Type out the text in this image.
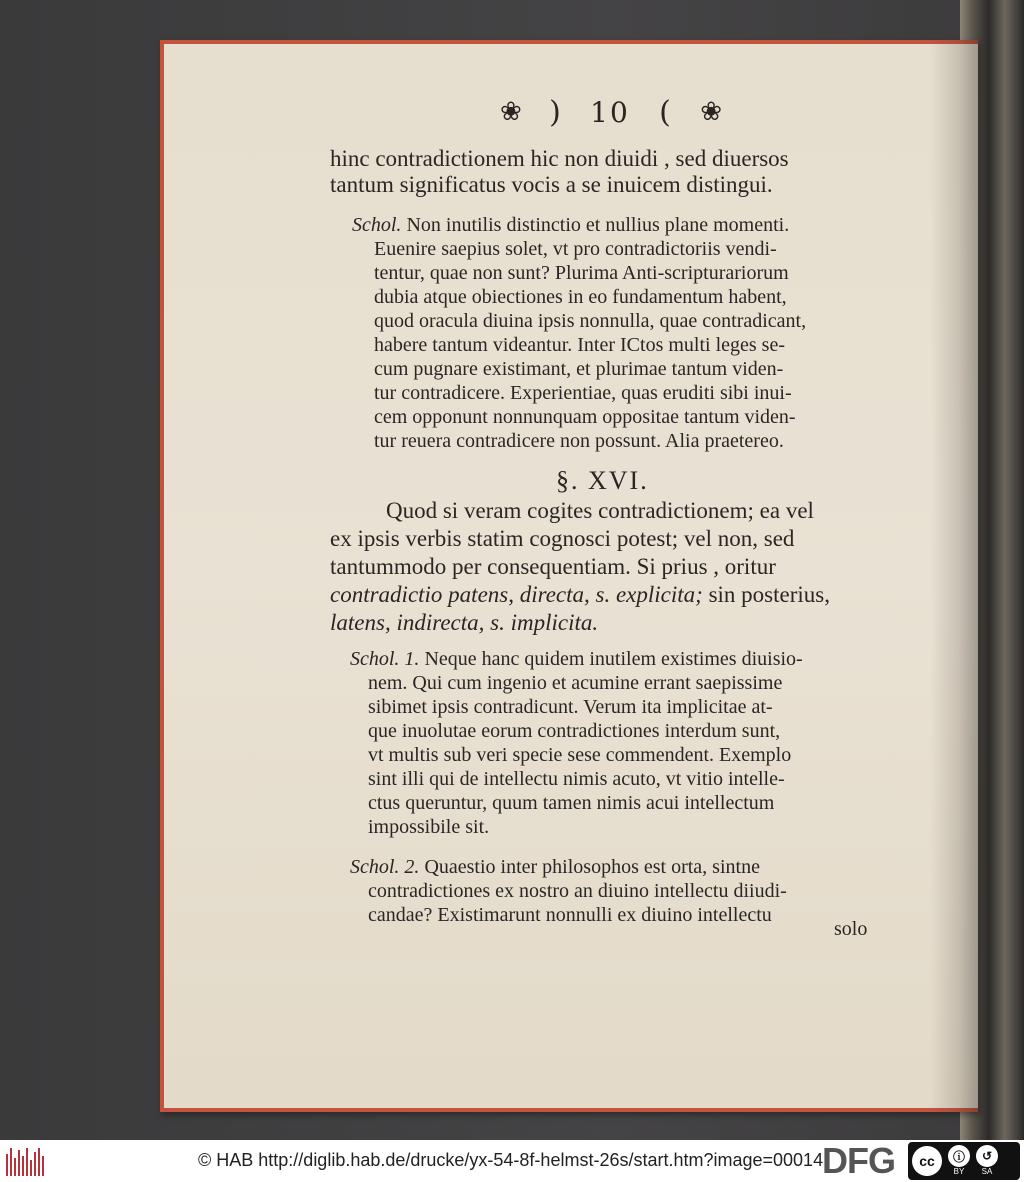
❀ ) 10 ( ❀
hinc contradictionem hic non diuidi , sed diuersos
tantum significatus vocis a se inuicem distingui.
Schol. Non inutilis distinctio et nullius plane momenti.
Euenire saepius solet, vt pro contradictoriis vendi-
tentur, quae non sunt? Plurima Anti-scripturariorum
dubia atque obiectiones in eo fundamentum habent,
quod oracula diuina ipsis nonnulla, quae contradicant,
habere tantum videantur. Inter ICtos multi leges se-
cum pugnare existimant, et plurimae tantum viden-
tur contradicere. Experientiae, quas eruditi sibi inui-
cem opponunt nonnunquam oppositae tantum viden-
tur reuera contradicere non possunt. Alia praetereo.
§. XVI.
Quod si veram cogites contradictionem; ea vel
ex ipsis verbis statim cognosci potest; vel non, sed
tantummodo per consequentiam. Si prius , oritur
contradictio patens, directa, s. explicita; sin posterius,
latens, indirecta, s. implicita.
Schol. 1. Neque hanc quidem inutilem existimes diuisio-
nem. Qui cum ingenio et acumine errant saepissime
sibimet ipsis contradicunt. Verum ita implicitae at-
que inuolutae eorum contradictiones interdum sunt,
vt multis sub veri specie sese commendent. Exemplo
sint illi qui de intellectu nimis acuto, vt vitio intelle-
ctus queruntur, quum tamen nimis acui intellectum
impossibile sit.
Schol. 2. Quaestio inter philosophos est orta, sintne
contradictiones ex nostro an diuino intellectu diiudi-
candae? Existimarunt nonnulli ex diuino intellectu
solo
© HAB http://diglib.hab.de/drucke/yx-54-8f-helmst-26s/start.htm?image=00014
DFG	cc	ⓘ
BY
↺
SA
